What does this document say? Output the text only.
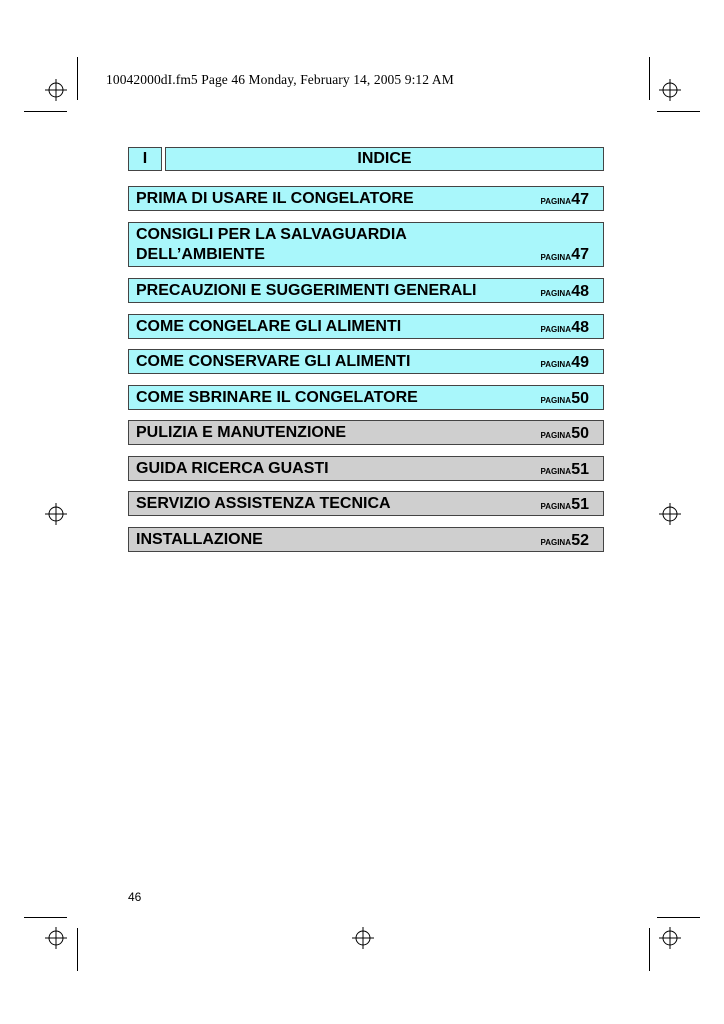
10042000dI.fm5 Page 46 Monday, February 14, 2005 9:12 AM
I	INDICE
PRIMA DI USARE IL CONGELATORE	PAGINA 47
CONSIGLI PER LA SALVAGUARDIA
DELL’AMBIENTE	PAGINA 47
PRECAUZIONI E SUGGERIMENTI GENERALI	PAGINA 48
COME CONGELARE GLI ALIMENTI	PAGINA 48
COME CONSERVARE GLI ALIMENTI	PAGINA 49
COME SBRINARE IL CONGELATORE	PAGINA 50
PULIZIA E MANUTENZIONE	PAGINA 50
GUIDA RICERCA GUASTI	PAGINA 51
SERVIZIO ASSISTENZA TECNICA	PAGINA 51
INSTALLAZIONE	PAGINA 52
46
